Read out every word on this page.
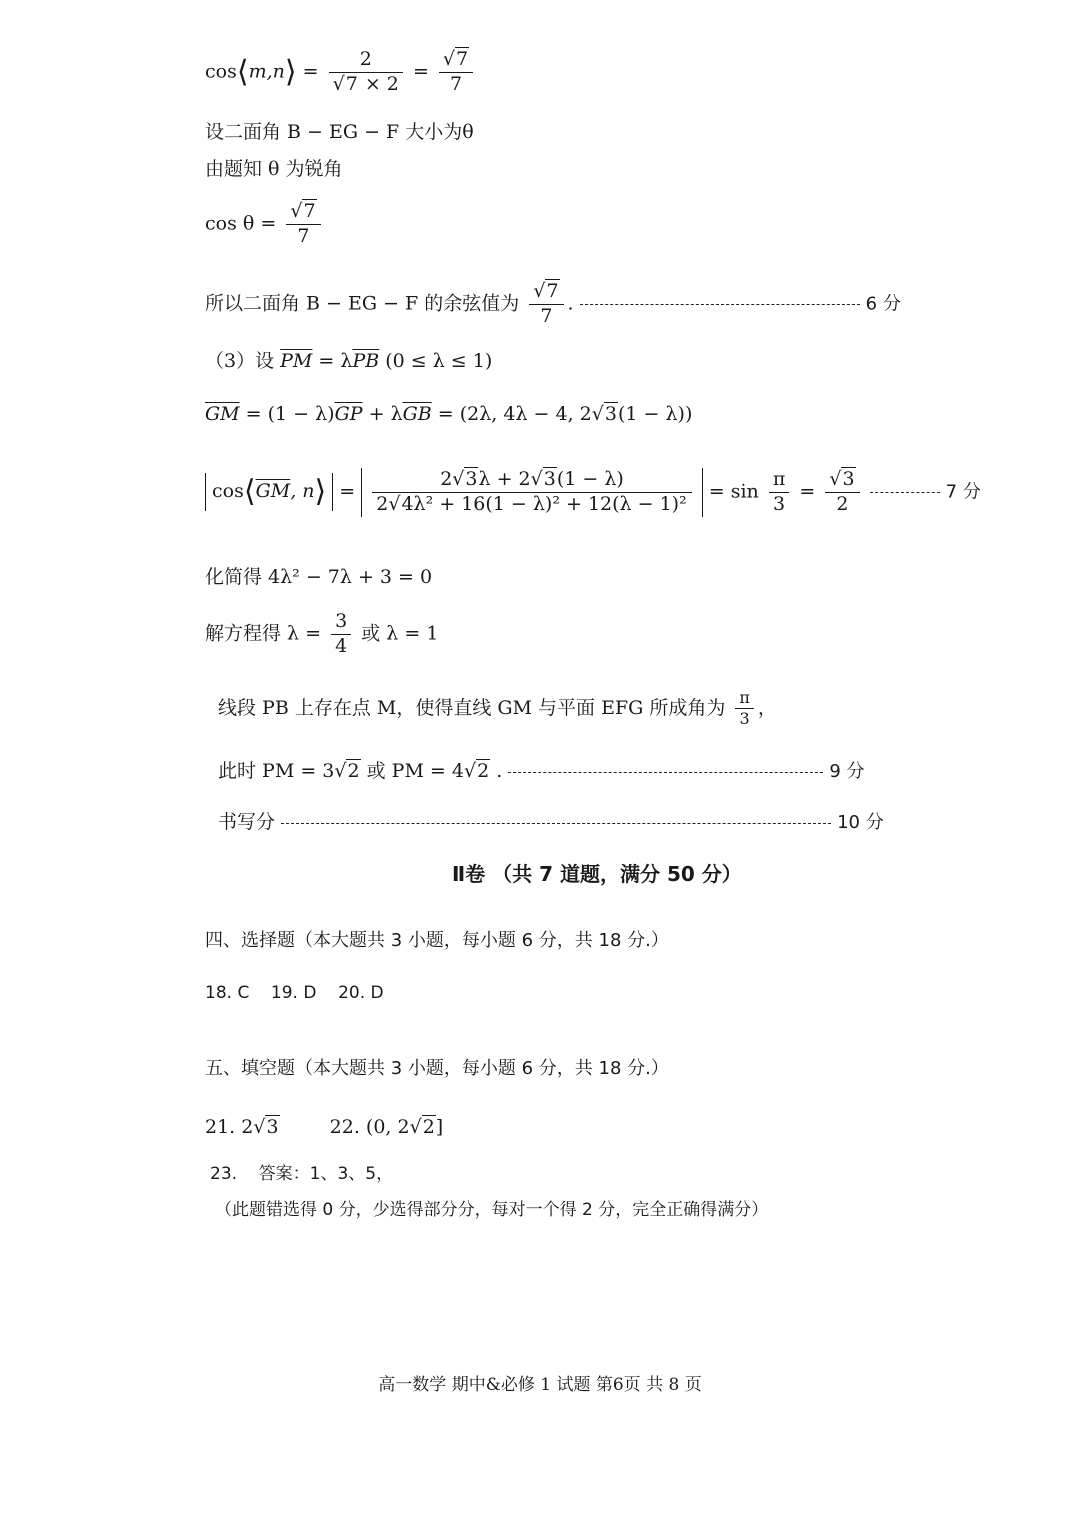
cos⟨m,n⟩ = $\frac{2}{√7 \times 2} = \frac{√7}{7}$
设二面角 B − EG − F 大小为θ
由题知 θ 为锐角
$\cos \theta = \frac{√7}{7}$
所以二面角 B − EG − F 的余弦值为 $\frac{√7}{7}$ .	6 分
（3）设 $\overline{PM} = \lambda\overline{PB}$ (0 ≤ λ ≤ 1)
$\overline{GM} = (1 - \lambda)\overline{GP} + \lambda\overline{GB} = (2\lambda$, 4λ − 4, 2√3(1 − λ))
$\cos⟨\overline{GM}$, n⟩ = $\frac{2√3\lambda + 2√3(1 - \lambda)}{\text{2√4λ² + 16(1 − λ)² + 12(λ − 1)²}} = \sin \frac{\pi}{3} = \frac{√3}{2}$	7 分
化简得 4λ² − 7λ + 3 = 0
解方程得 $\lambda = \frac{3}{4}$ 或 λ = 1
线段 PB 上存在点 M，使得直线 GM 与平面 EFG 所成角为 $\frac{\pi}{3}$ ，
此时 PM = 3√2 或 PM = 4√2 .	9 分
书写分	10 分
Ⅱ卷 （共 7 道题，满分 50 分）
四、选择题（本大题共 3 小题，每小题 6 分，共 18 分.）
18. C    19. D    20. D
五、填空题（本大题共 3 小题，每小题 6 分，共 18 分.）
21. 2√3	22. (0, 2√2]
23.    答案：1、3、5，
（此题错选得 0 分，少选得部分分，每对一个得 2 分，完全正确得满分）
高一数学 期中&必修 1 试题 第6页 共 8 页
